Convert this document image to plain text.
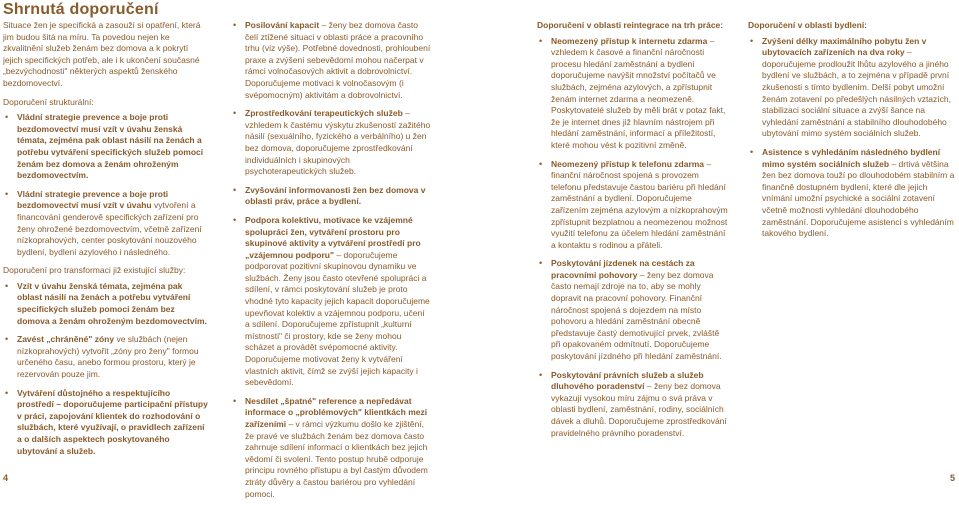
Shrnutá doporučení

Situace žen je specifická a zasouží si opatření, která jim budou šitá na míru. Ta povedou nejen ke zkvalitnění služeb ženám bez domova a k pokrytí jejich specifických potřeb, ale i k ukončení současné „bezvýchodnosti" některých aspektů ženského bezdomovectví.

Doporučení strukturální:

• Vládní strategie prevence a boje proti bezdomovectví musí vzít v úvahu ženská témata, zejména pak oblast násilí na ženách a potřebu vytváření specifických služeb pomoci ženám bez domova a ženám ohroženým bezdomovectvím.
• Vládní strategie prevence a boje proti bezdomovectví musí vzít v úvahu vytvoření a financování genderově specifických zařízení pro ženy ohrožené bezdomovectvím, včetně zařízení nízkoprahových, center poskytování nouzového bydlení, bydlení azylového i následného.

Doporučení pro transformaci již existující služby:

• Vzít v úvahu ženská témata, zejména pak oblast násilí na ženách a potřebu vytváření specifických služeb pomoci ženám bez domova a ženám ohroženým bezdomovectvím.
• Zavést „chráněné" zóny ve službách (nejen nízkoprahových) vytvořit „zóny pro ženy" formou určeného času, anebo formou prostoru, který je rezervován pouze jim.
• Vytváření důstojného a respektujícího prostředí – doporučujeme participační přístupy v práci, zapojování klientek do rozhodování o službách, které využívají, o pravidlech zařízení a o dalších aspektech poskytovaného ubytování a služeb.
• Posilování kapacit – ženy bez domova často čelí ztížené situaci v oblasti práce a pracovního trhu (viz výše). Potřebné dovednosti, prohloubení praxe a zvýšení sebevědomí mohou načerpat v rámci volnočasových aktivit a dobrovolnictví. Doporučujeme motivaci k volnočasovým (i svépomocným) aktivitám a dobrovolnictví.
• Zprostředkování terapeutických služeb – vzhledem k častému výskytu zkušeností zažitého násilí (sexuálního, fyzického a verbálního) u žen bez domova, doporučujeme zprostředkování individuálních i skupinových psychoterapeutických služeb.
• Zvyšování informovanosti žen bez domova v oblasti práv, práce a bydlení.
• Podpora kolektivu, motivace ke vzájemné spolupráci žen, vytváření prostoru pro skupinové aktivity a vytváření prostředí pro „vzájemnou podporu" – doporučujeme podporovat pozitivní skupinovou dynamiku ve službách. Ženy jsou často otevřené spolupráci a sdílení, v rámci poskytování služeb je proto vhodné tyto kapacity jejich kapacit doporučujeme upevňovat kolektiv a vzájemnou podporu, učení a sdílení. Doporučujeme zpřístupnit „kulturní místnosti" či prostory, kde se ženy mohou scházet a provádět svépomocné aktivity. Doporučujeme motivovat ženy k vytváření vlastních aktivit, čímž se zvýší jejich kapacity i sebevědomí.
• Nesdílet „špatné" reference a nepředávat informace o „problémových" klientkách mezi zařízeními – v rámci výzkumu došlo ke zjištění, že pravé ve službách ženám bez domova často zahrnuje sdílení informací o klientkách bez jejich vědomí či svolení. Tento postup hrubě odporuje principu rovného přístupu a byl častým důvodem ztráty důvěry a častou bariérou pro vyhledání pomoci.

Doporučení v oblasti reintegrace na trh práce:

• Neomezený přístup k internetu zdarma – vzhledem k časové a finanční náročnosti procesu hledání zaměstnání a bydlení doporučujeme navýšit množství počítačů ve službách, zejména azylových, a zpřístupnit ženám internet zdarma a neomezeně. Poskytovatelé služeb by měli brát v potaz fakt, že je internet dnes již hlavním nástrojem při hledání zaměstnání, informací a příležitostí, které mohou vést k pozitivní změně.
• Neomezený přístup k telefonu zdarma – finanční náročnost spojená s provozem telefonu představuje častou bariéru při hledání zaměstnání a bydlení. Doporučujeme zařízením zejména azylovým a nízkoprahovým zpřístupnit bezplatnou a neomezenou možnost využití telefonu za účelem hledání zaměstnání a kontaktu s rodinou a přáteli.
• Poskytování jízdenek na cestách za pracovními pohovory – ženy bez domova často nemají zdroje na to, aby se mohly dopravit na pracovní pohovory. Finanční náročnost spojená s dojezdem na místo pohovoru a hledání zaměstnání obecně představuje častý demotivující prvek, zvláště při opakovaném odmítnutí. Doporučujeme poskytování jízdného při hledání zaměstnání.
• Poskytování právních služeb a služeb dluhového poradenství – ženy bez domova vykazují vysokou míru zájmu o svá práva v oblasti bydlení, zaměstnání, rodiny, sociálních dávek a dluhů. Doporučujeme zprostředkování pravidelného právního poradenství.

Doporučení v oblasti bydlení:

• Zvýšení délky maximálního pobytu žen v ubytovacích zařízeních na dva roky – doporučujeme prodloužit lhůtu azylového a jiného bydlení ve službách, a to zejména v případě první zkušenosti s tímto bydlením. Delší pobyt umožní ženám zotavení po předešlých násilných vztazích, stabilizaci sociální situace a zvýší šance na vyhledání zaměstnání a stabilního dlouhodobého ubytování mimo systém sociálních služeb.
• Asistence s vyhledáním následného bydlení mimo systém sociálních služeb – drtivá většina žen bez domova touží po dlouhodobém stabilním a finančně dostupném bydlení, které dle jejich vnímání umožní psychické a sociální zotavení včetně možnosti vyhledání dlouhodobého zaměstnání. Doporučujeme asistenci s vyhledáním takového bydlení.
4	5
